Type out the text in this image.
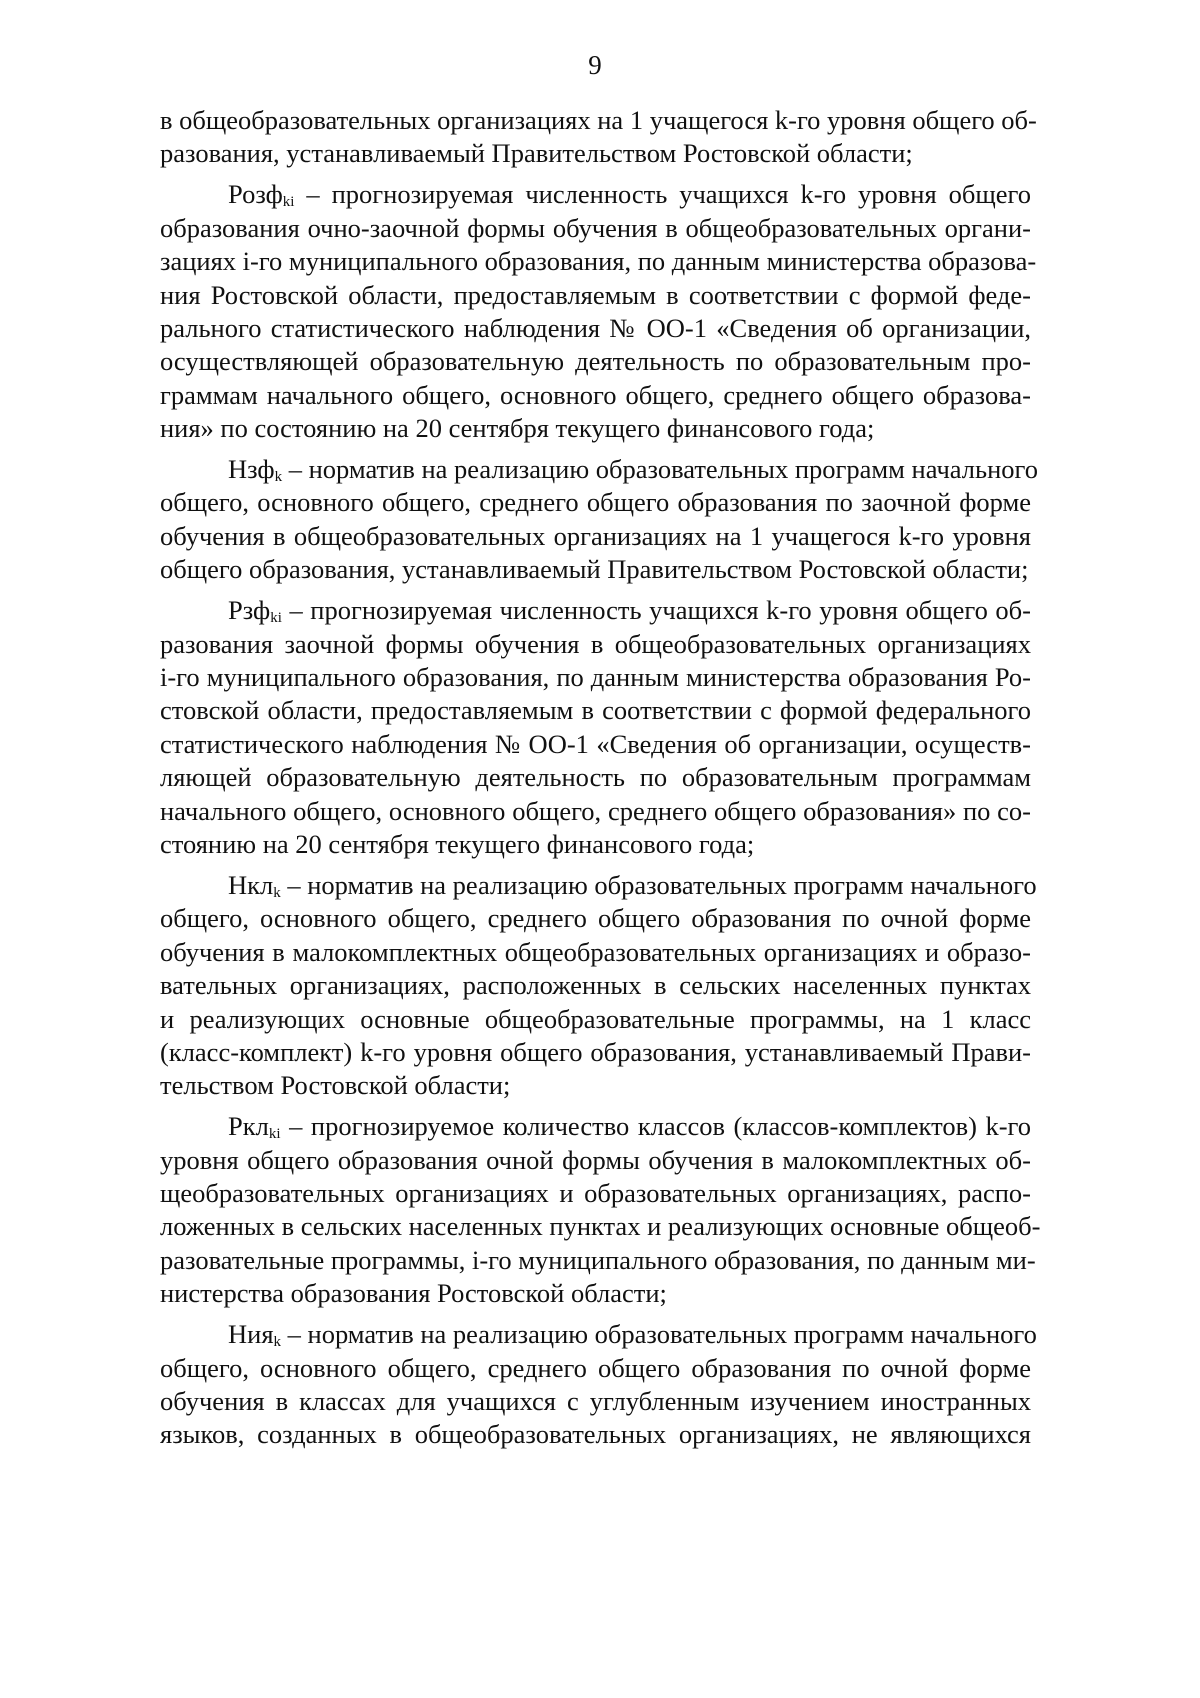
9
в общеобразовательных организациях на 1 учащегося k-го уровня общего об-
разования, устанавливаемый Правительством Ростовской области;
Розф$_{ki}$ – прогнозируемая численность учащихся k-го уровня общего
образования очно-заочной формы обучения в общеобразовательных органи-
зациях i-го муниципального образования, по данным министерства образова-
ния Ростовской области, предоставляемым в соответствии с формой феде-
рального статистического наблюдения № ОО-1 «Сведения об организации,
осуществляющей образовательную деятельность по образовательным про-
граммам начального общего, основного общего, среднего общего образова-
ния» по состоянию на 20 сентября текущего финансового года;
Нзф$_k$ – норматив на реализацию образовательных программ начального
общего, основного общего, среднего общего образования по заочной форме
обучения в общеобразовательных организациях на 1 учащегося k-го уровня
общего образования, устанавливаемый Правительством Ростовской области;
Рзф$_{ki}$ – прогнозируемая численность учащихся k-го уровня общего об-
разования заочной формы обучения в общеобразовательных организациях
i-го муниципального образования, по данным министерства образования Ро-
стовской области, предоставляемым в соответствии с формой федерального
статистического наблюдения № ОО-1 «Сведения об организации, осуществ-
ляющей образовательную деятельность по образовательным программам
начального общего, основного общего, среднего общего образования» по со-
стоянию на 20 сентября текущего финансового года;
Нкл$_k$ – норматив на реализацию образовательных программ начального
общего, основного общего, среднего общего образования по очной форме
обучения в малокомплектных общеобразовательных организациях и образо-
вательных организациях, расположенных в сельских населенных пунктах
и реализующих основные общеобразовательные программы, на 1 класс
(класс-комплект) k-го уровня общего образования, устанавливаемый Прави-
тельством Ростовской области;
Ркл$_{ki}$ – прогнозируемое количество классов (классов-комплектов) k-го
уровня общего образования очной формы обучения в малокомплектных об-
щеобразовательных организациях и образовательных организациях, распо-
ложенных в сельских населенных пунктах и реализующих основные общеоб-
разовательные программы, i-го муниципального образования, по данным ми-
нистерства образования Ростовской области;
Ния$_k$ – норматив на реализацию образовательных программ начального
общего, основного общего, среднего общего образования по очной форме
обучения в классах для учащихся с углубленным изучением иностранных
языков, созданных в общеобразовательных организациях, не являющихся
